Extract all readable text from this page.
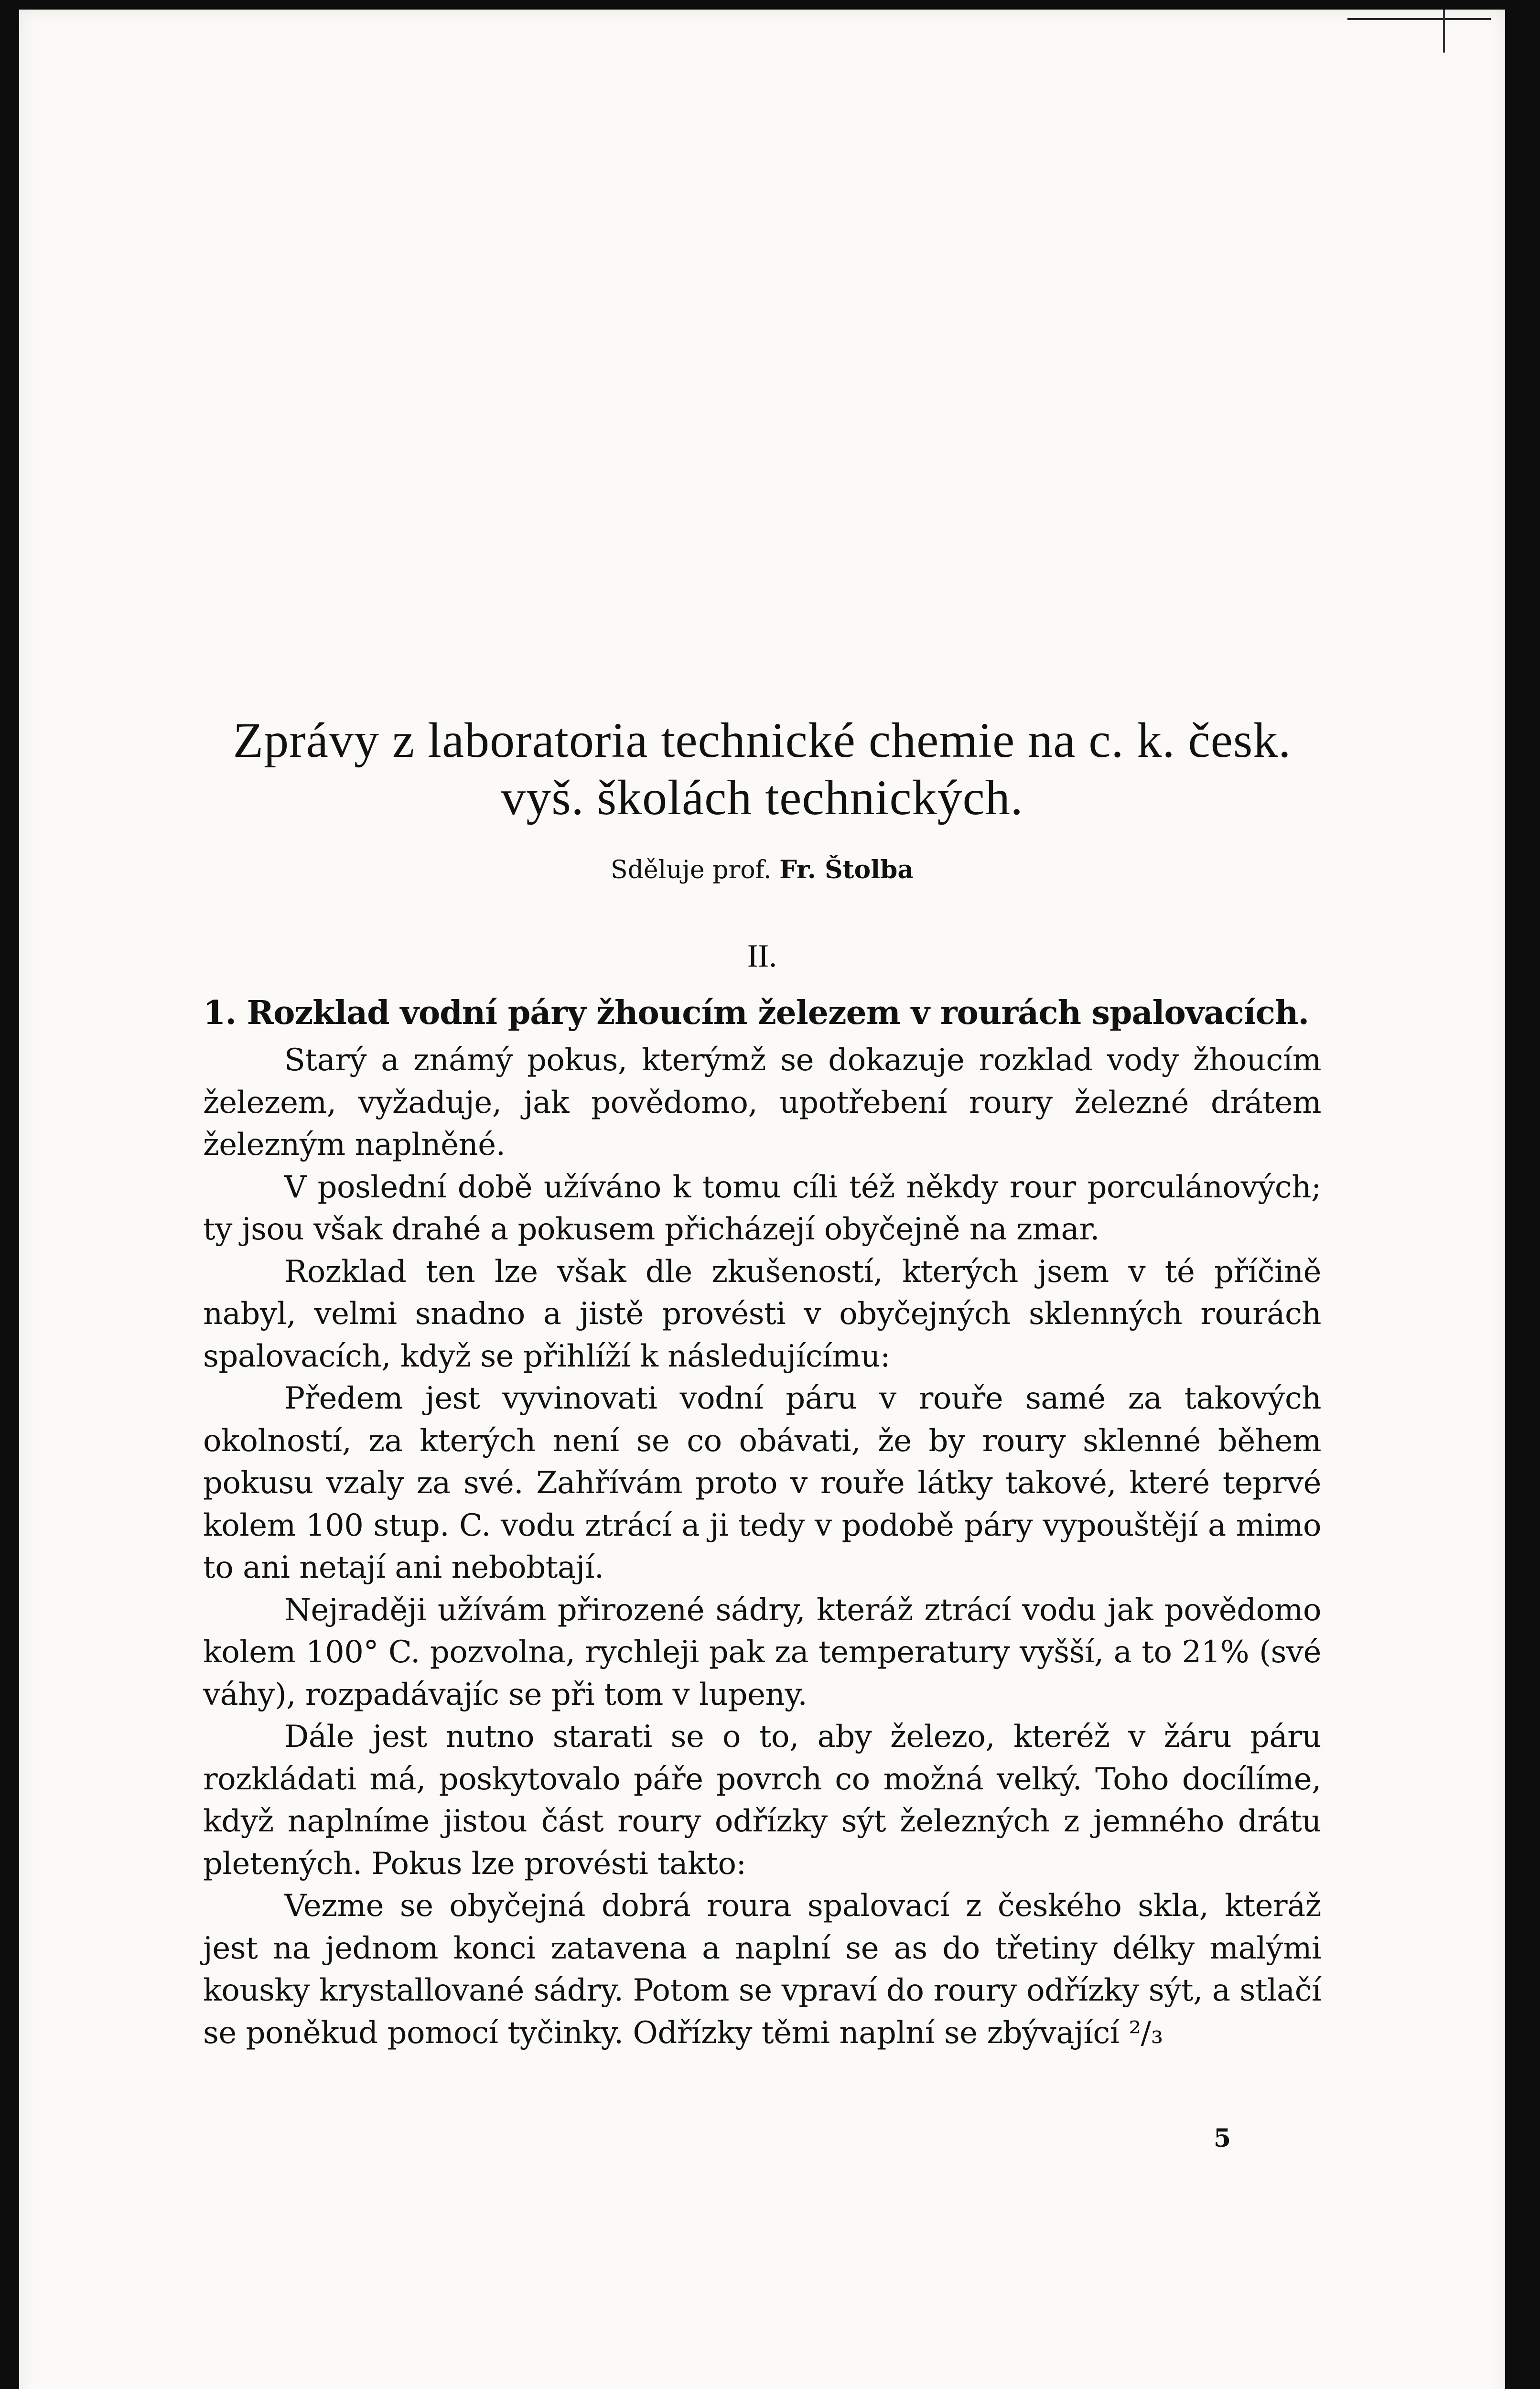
Zprávy z laboratoria technické chemie na c. k. česk. vyš. školách technických.

Sděluje prof. Fr. Štolba

II.

1. Rozklad vodní páry žhoucím železem v rourách spalovacích.

Starý a známý pokus, kterýmž se dokazuje rozklad vody žhoucím železem, vyžaduje, jak povědomo, upotřebení roury železné drátem železným naplněné.

V poslední době užíváno k tomu cíli též někdy rour porculánových; ty jsou však drahé a pokusem přicházejí obyčejně na zmar.

Rozklad ten lze však dle zkušeností, kterých jsem v té příčině nabyl, velmi snadno a jistě provésti v obyčejných sklenných rourách spalovacích, když se přihlíží k následujícímu:

Předem jest vyvinovati vodní páru v rouře samé za takových okolností, za kterých není se co obávati, že by roury sklenné během pokusu vzaly za své. Zahřívám proto v rouře látky takové, které teprvé kolem 100 stup. C. vodu ztrácí a ji tedy v podobě páry vypouštějí a mimo to ani netají ani nebobtají.

Nejraději užívám přirozené sádry, kteráž ztrácí vodu jak povědomo kolem 100° C. pozvolna, rychleji pak za temperatury vyšší, a to 21% (své váhy), rozpadávajíc se při tom v lupeny.

Dále jest nutno starati se o to, aby železo, kteréž v žáru páru rozkládati má, poskytovalo páře povrch co možná velký. Toho docílíme, když naplníme jistou část roury odřízky sýt železných z jemného drátu pletených. Pokus lze provésti takto:

Vezme se obyčejná dobrá roura spalovací z českého skla, kteráž jest na jednom konci zatavena a naplní se as do třetiny délky malými kousky krystallované sádry. Potom se vpraví do roury odřízky sýt, a stlačí se poněkud pomocí tyčinky. Odřízky těmi naplní se zbývající ²/₃

5
